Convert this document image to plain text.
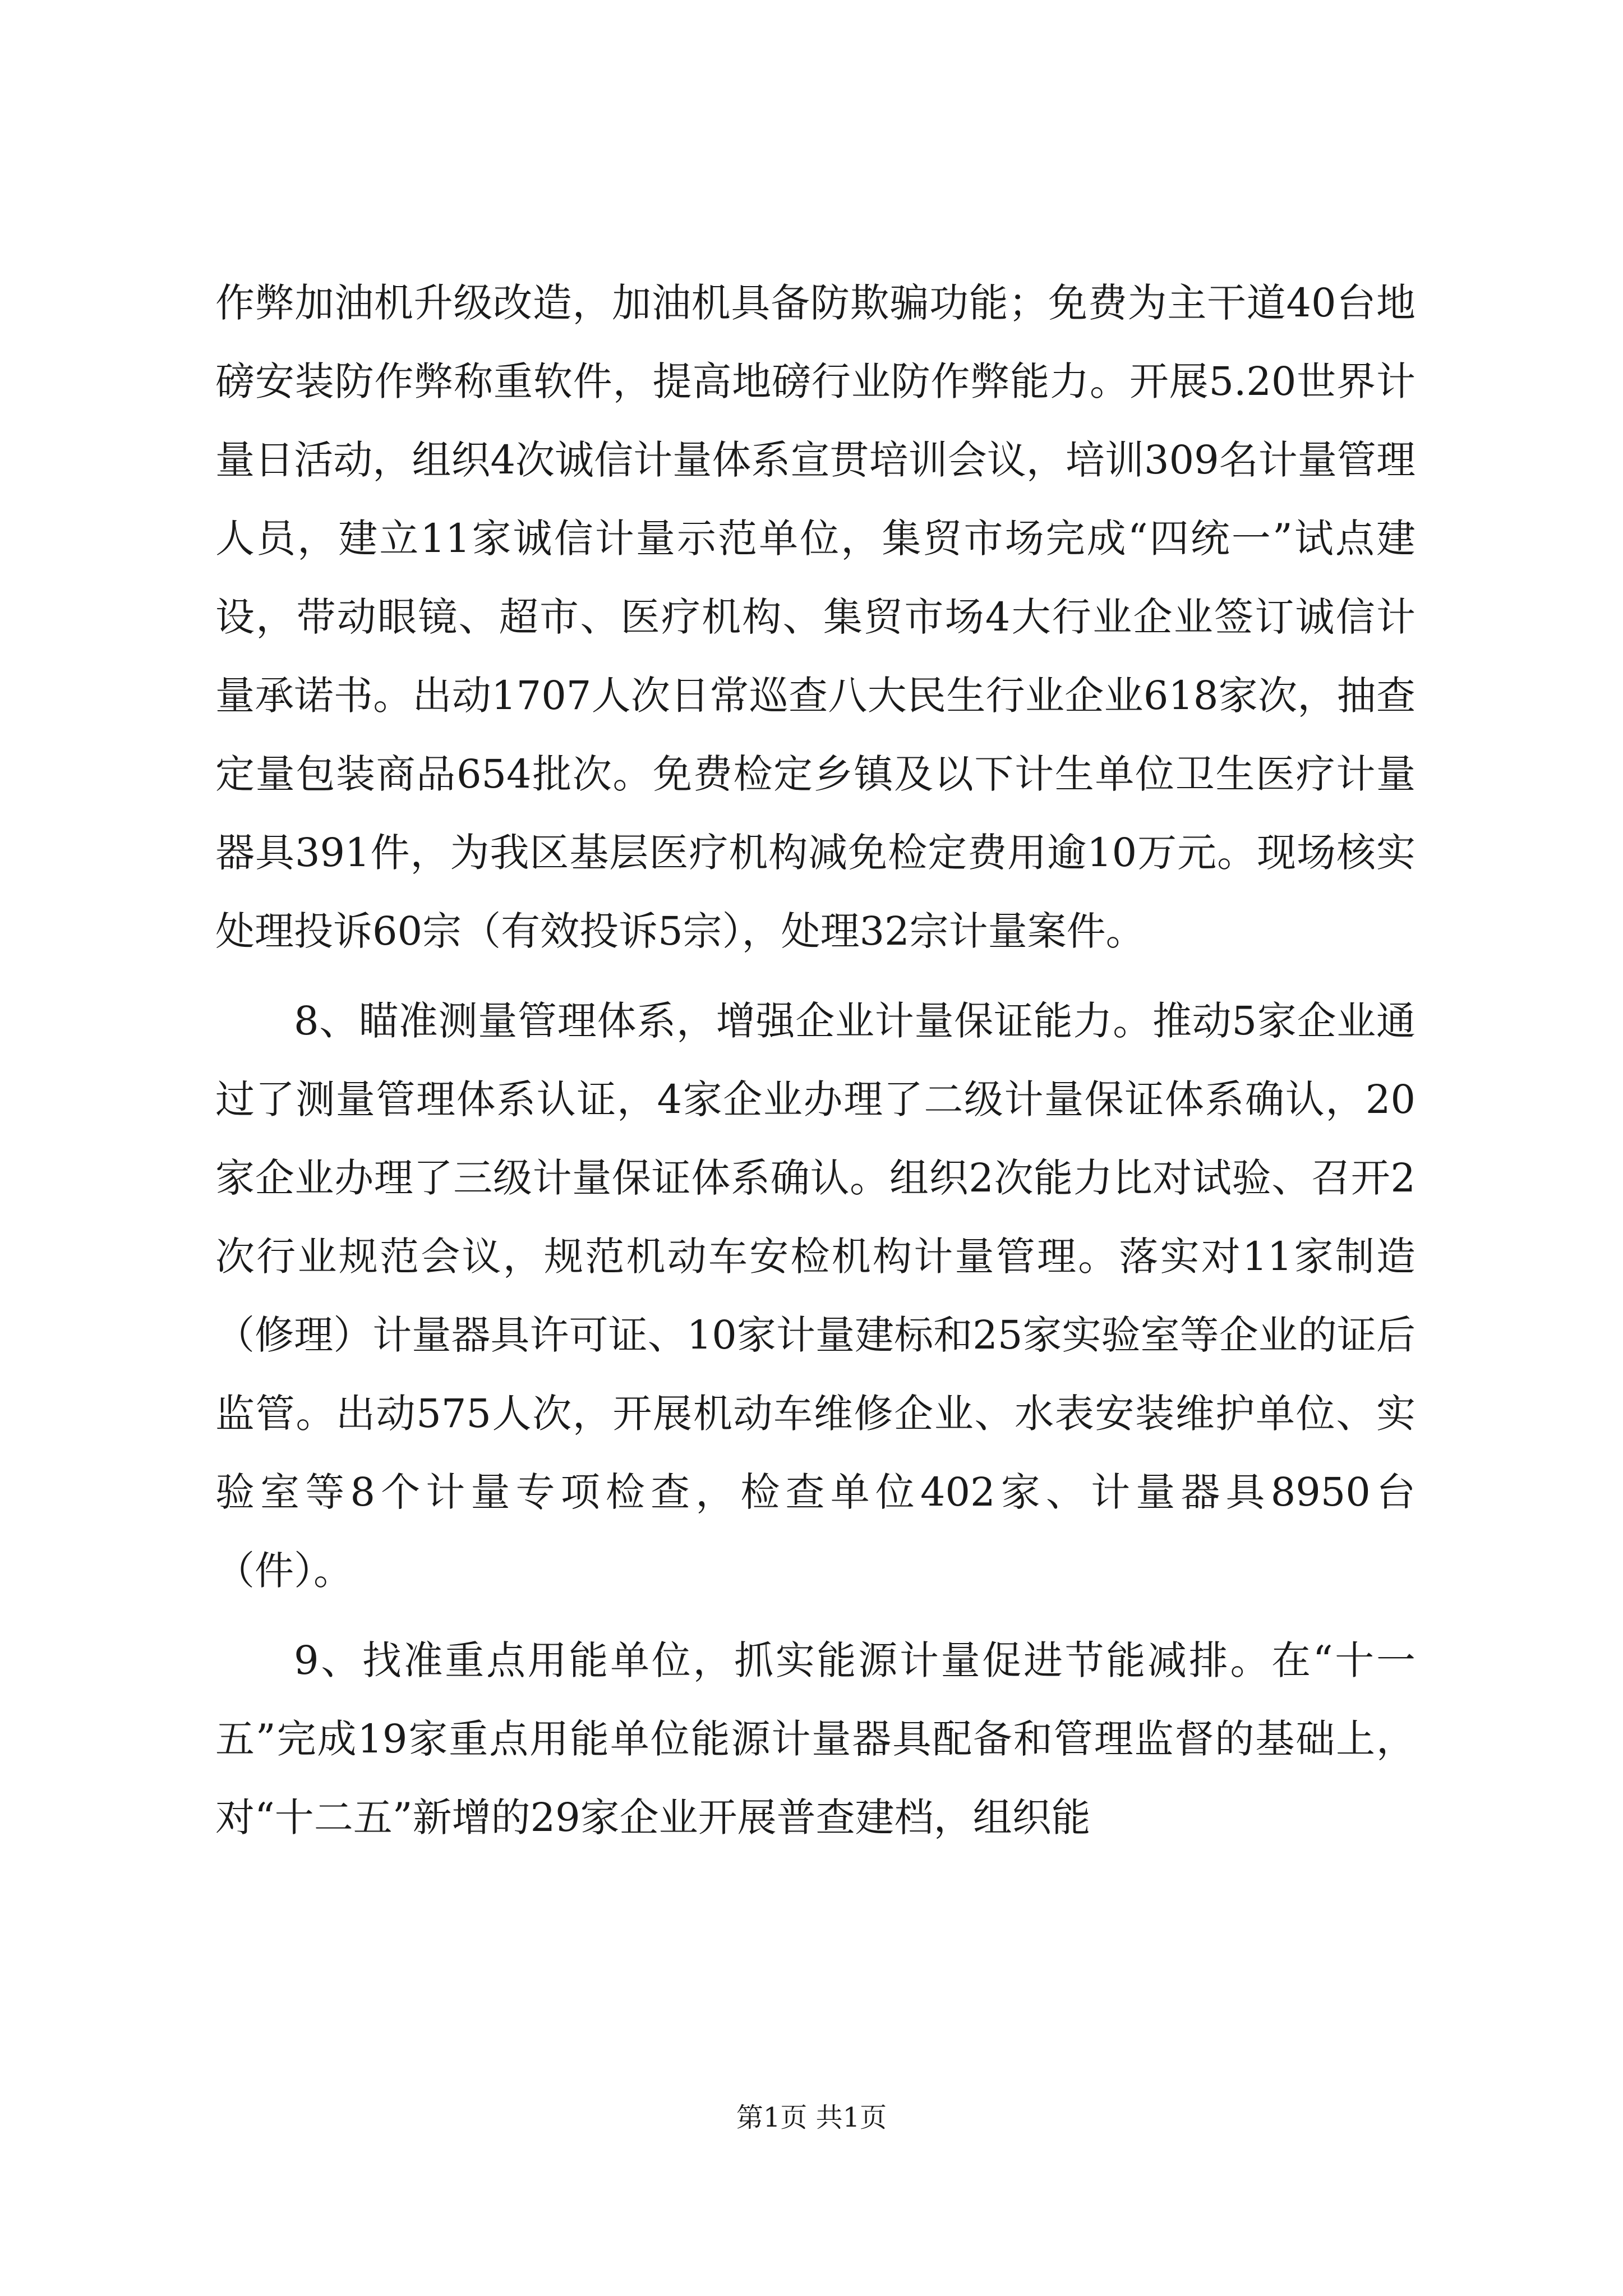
作弊加油机升级改造，加油机具备防欺骗功能；免费为主干道40台地磅安装防作弊称重软件，提高地磅行业防作弊能力。开展5.20世界计量日活动，组织4次诚信计量体系宣贯培训会议，培训309名计量管理人员，建立11家诚信计量示范单位，集贸市场完成“四统一”试点建设，带动眼镜、超市、医疗机构、集贸市场4大行业企业签订诚信计量承诺书。出动1707人次日常巡查八大民生行业企业618家次，抽查定量包装商品654批次。免费检定乡镇及以下计生单位卫生医疗计量器具391件，为我区基层医疗机构减免检定费用逾10万元。现场核实处理投诉60宗（有效投诉5宗），处理32宗计量案件。

8、瞄准测量管理体系，增强企业计量保证能力。推动5家企业通过了测量管理体系认证，4家企业办理了二级计量保证体系确认，20家企业办理了三级计量保证体系确认。组织2次能力比对试验、召开2次行业规范会议，规范机动车安检机构计量管理。落实对11家制造（修理）计量器具许可证、10家计量建标和25家实验室等企业的证后监管。出动575人次，开展机动车维修企业、水表安装维护单位、实验室等8个计量专项检查，检查单位402家、计量器具8950台（件）。

9、找准重点用能单位，抓实能源计量促进节能减排。在“十一五”完成19家重点用能单位能源计量器具配备和管理监督的基础上，对“十二五”新增的29家企业开展普查建档，组织能

第1页 共1页
